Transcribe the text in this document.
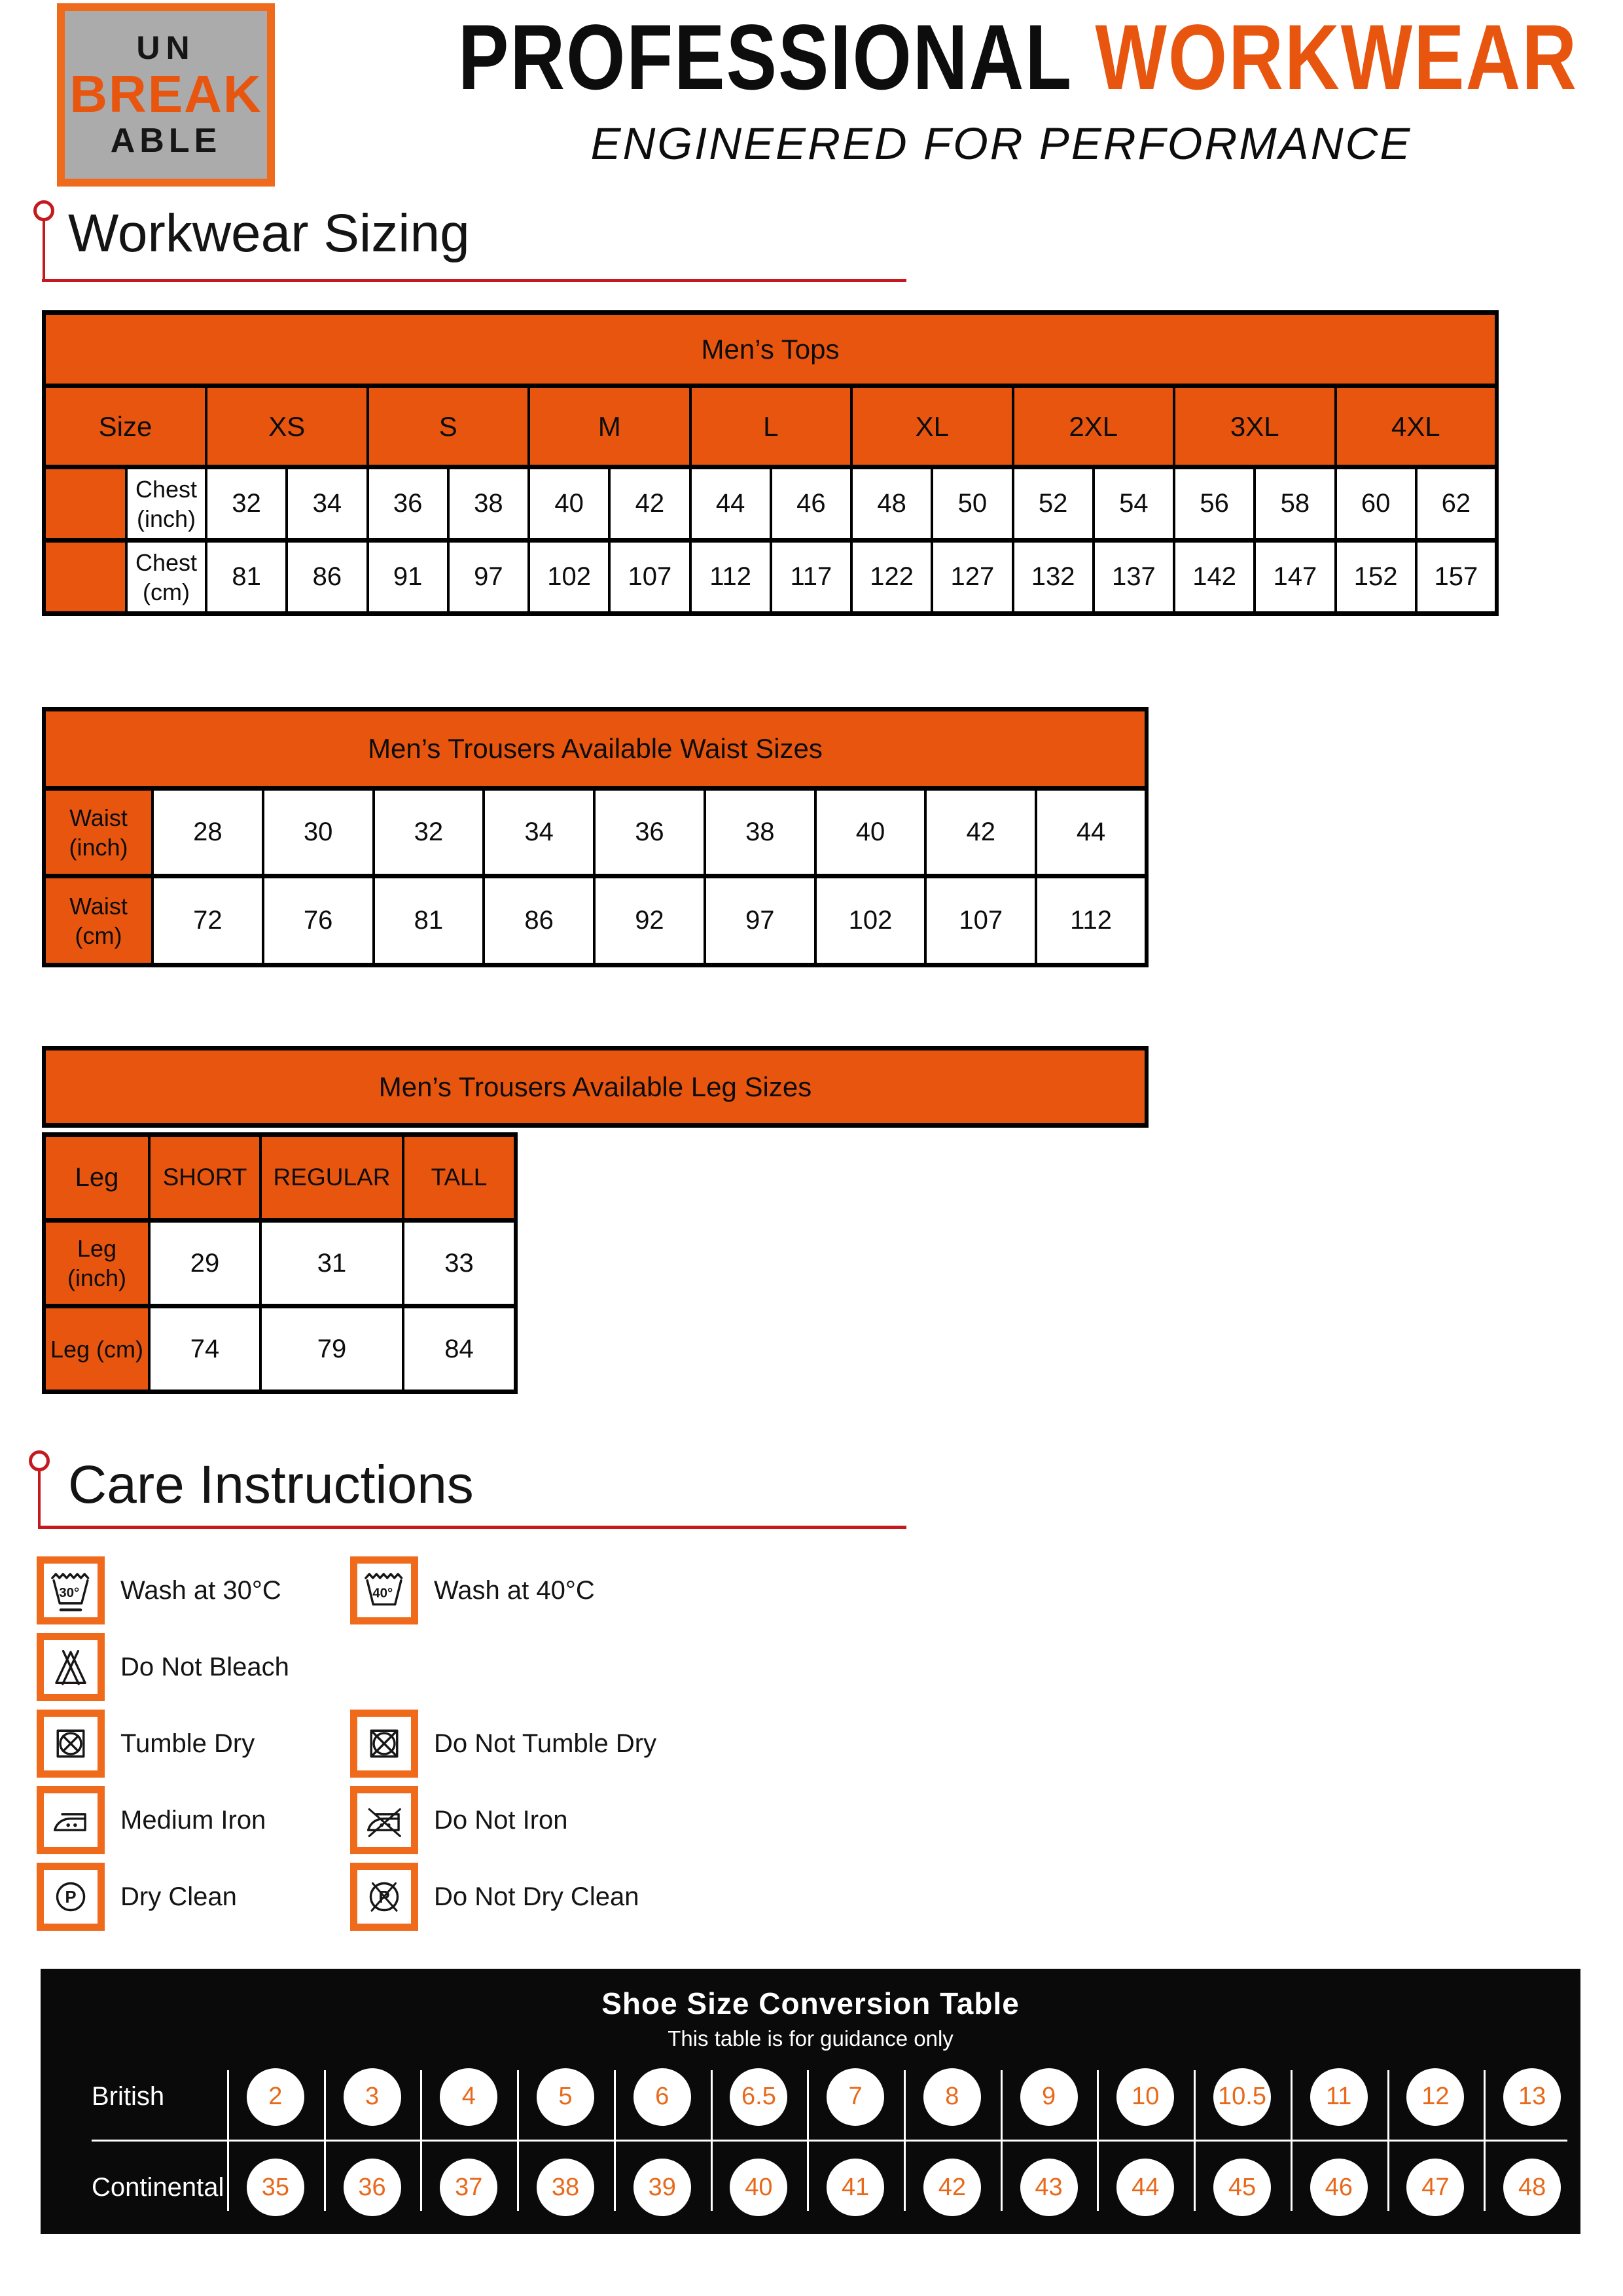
UN
BREAK
ABLE
PROFESSIONAL WORKWEAR
ENGINEERED FOR PERFORMANCE
Workwear Sizing
Men’s Tops																	
Size		XS		S		M		L		XL		2XL		3XL		4XL	
	Chest (inch)	32	34	36	38	40	42	44	46	48	50	52	54	56	58	60	62
	Chest (cm)	81	86	91	97	102	107	112	117	122	127	132	137	142	147	152	157
Men’s Trousers Available Waist Sizes									
Waist (inch)	28	30	32	34	36	38	40	42	44
Waist (cm)	72	76	81	86	92	97	102	107	112
Men’s Trousers Available Leg Sizes
Leg	SHORT	REGULAR	TALL
Leg (inch)	29	31	33
Leg (cm)	74	79	84
Care Instructions
30° Wash at 30°C	40° Wash at 40°C
Do Not Bleach
Tumble Dry	Do Not Tumble Dry
Medium Iron	Do Not Iron
P Dry Clean	P Do Not Dry Clean
Shoe Size Conversion Table
This table is for guidance only
British	2	3	4	5	6	6.5	7	8	9	10	10.5	11	12	13
Continental	35	36	37	38	39	40	41	42	43	44	45	46	47	48
